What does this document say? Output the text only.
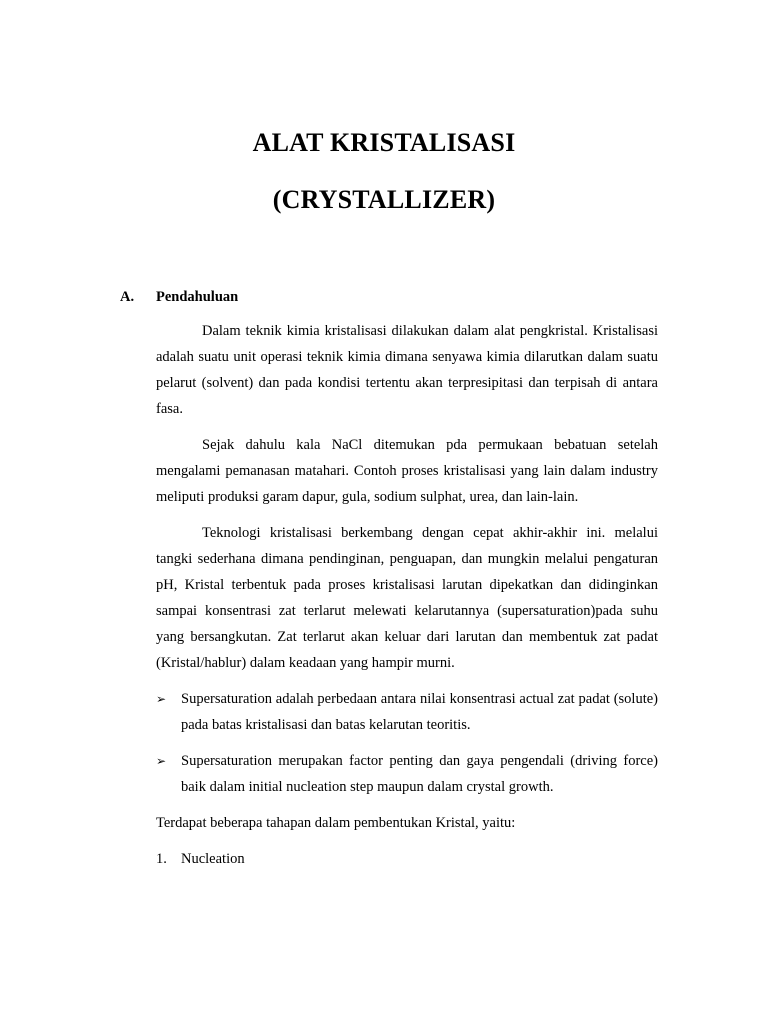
ALAT KRISTALISASI
(CRYSTALLIZER)
A. Pendahuluan

Dalam teknik kimia kristalisasi dilakukan dalam alat pengkristal. Kristalisasi adalah suatu unit operasi teknik kimia dimana senyawa kimia dilarutkan dalam suatu pelarut (solvent) dan pada kondisi tertentu akan terpresipitasi dan terpisah di antara fasa.

Sejak dahulu kala NaCl ditemukan pda permukaan bebatuan setelah mengalami pemanasan matahari. Contoh proses kristalisasi yang lain dalam industry meliputi produksi garam dapur, gula, sodium sulphat, urea, dan lain-lain.

Teknologi kristalisasi berkembang dengan cepat akhir-akhir ini. melalui tangki sederhana dimana pendinginan, penguapan, dan mungkin melalui pengaturan pH, Kristal terbentuk pada proses kristalisasi larutan dipekatkan dan didinginkan sampai konsentrasi zat terlarut melewati kelarutannya (supersaturation)pada suhu yang bersangkutan. Zat terlarut akan keluar dari larutan dan membentuk zat padat (Kristal/hablur) dalam keadaan yang hampir murni.

➢ Supersaturation adalah perbedaan antara nilai konsentrasi actual zat padat (solute) pada batas kristalisasi dan batas kelarutan teoritis.
➢ Supersaturation merupakan factor penting dan gaya pengendali (driving force) baik dalam initial nucleation step maupun dalam crystal growth.

Terdapat beberapa tahapan dalam pembentukan Kristal, yaitu:

1. Nucleation
